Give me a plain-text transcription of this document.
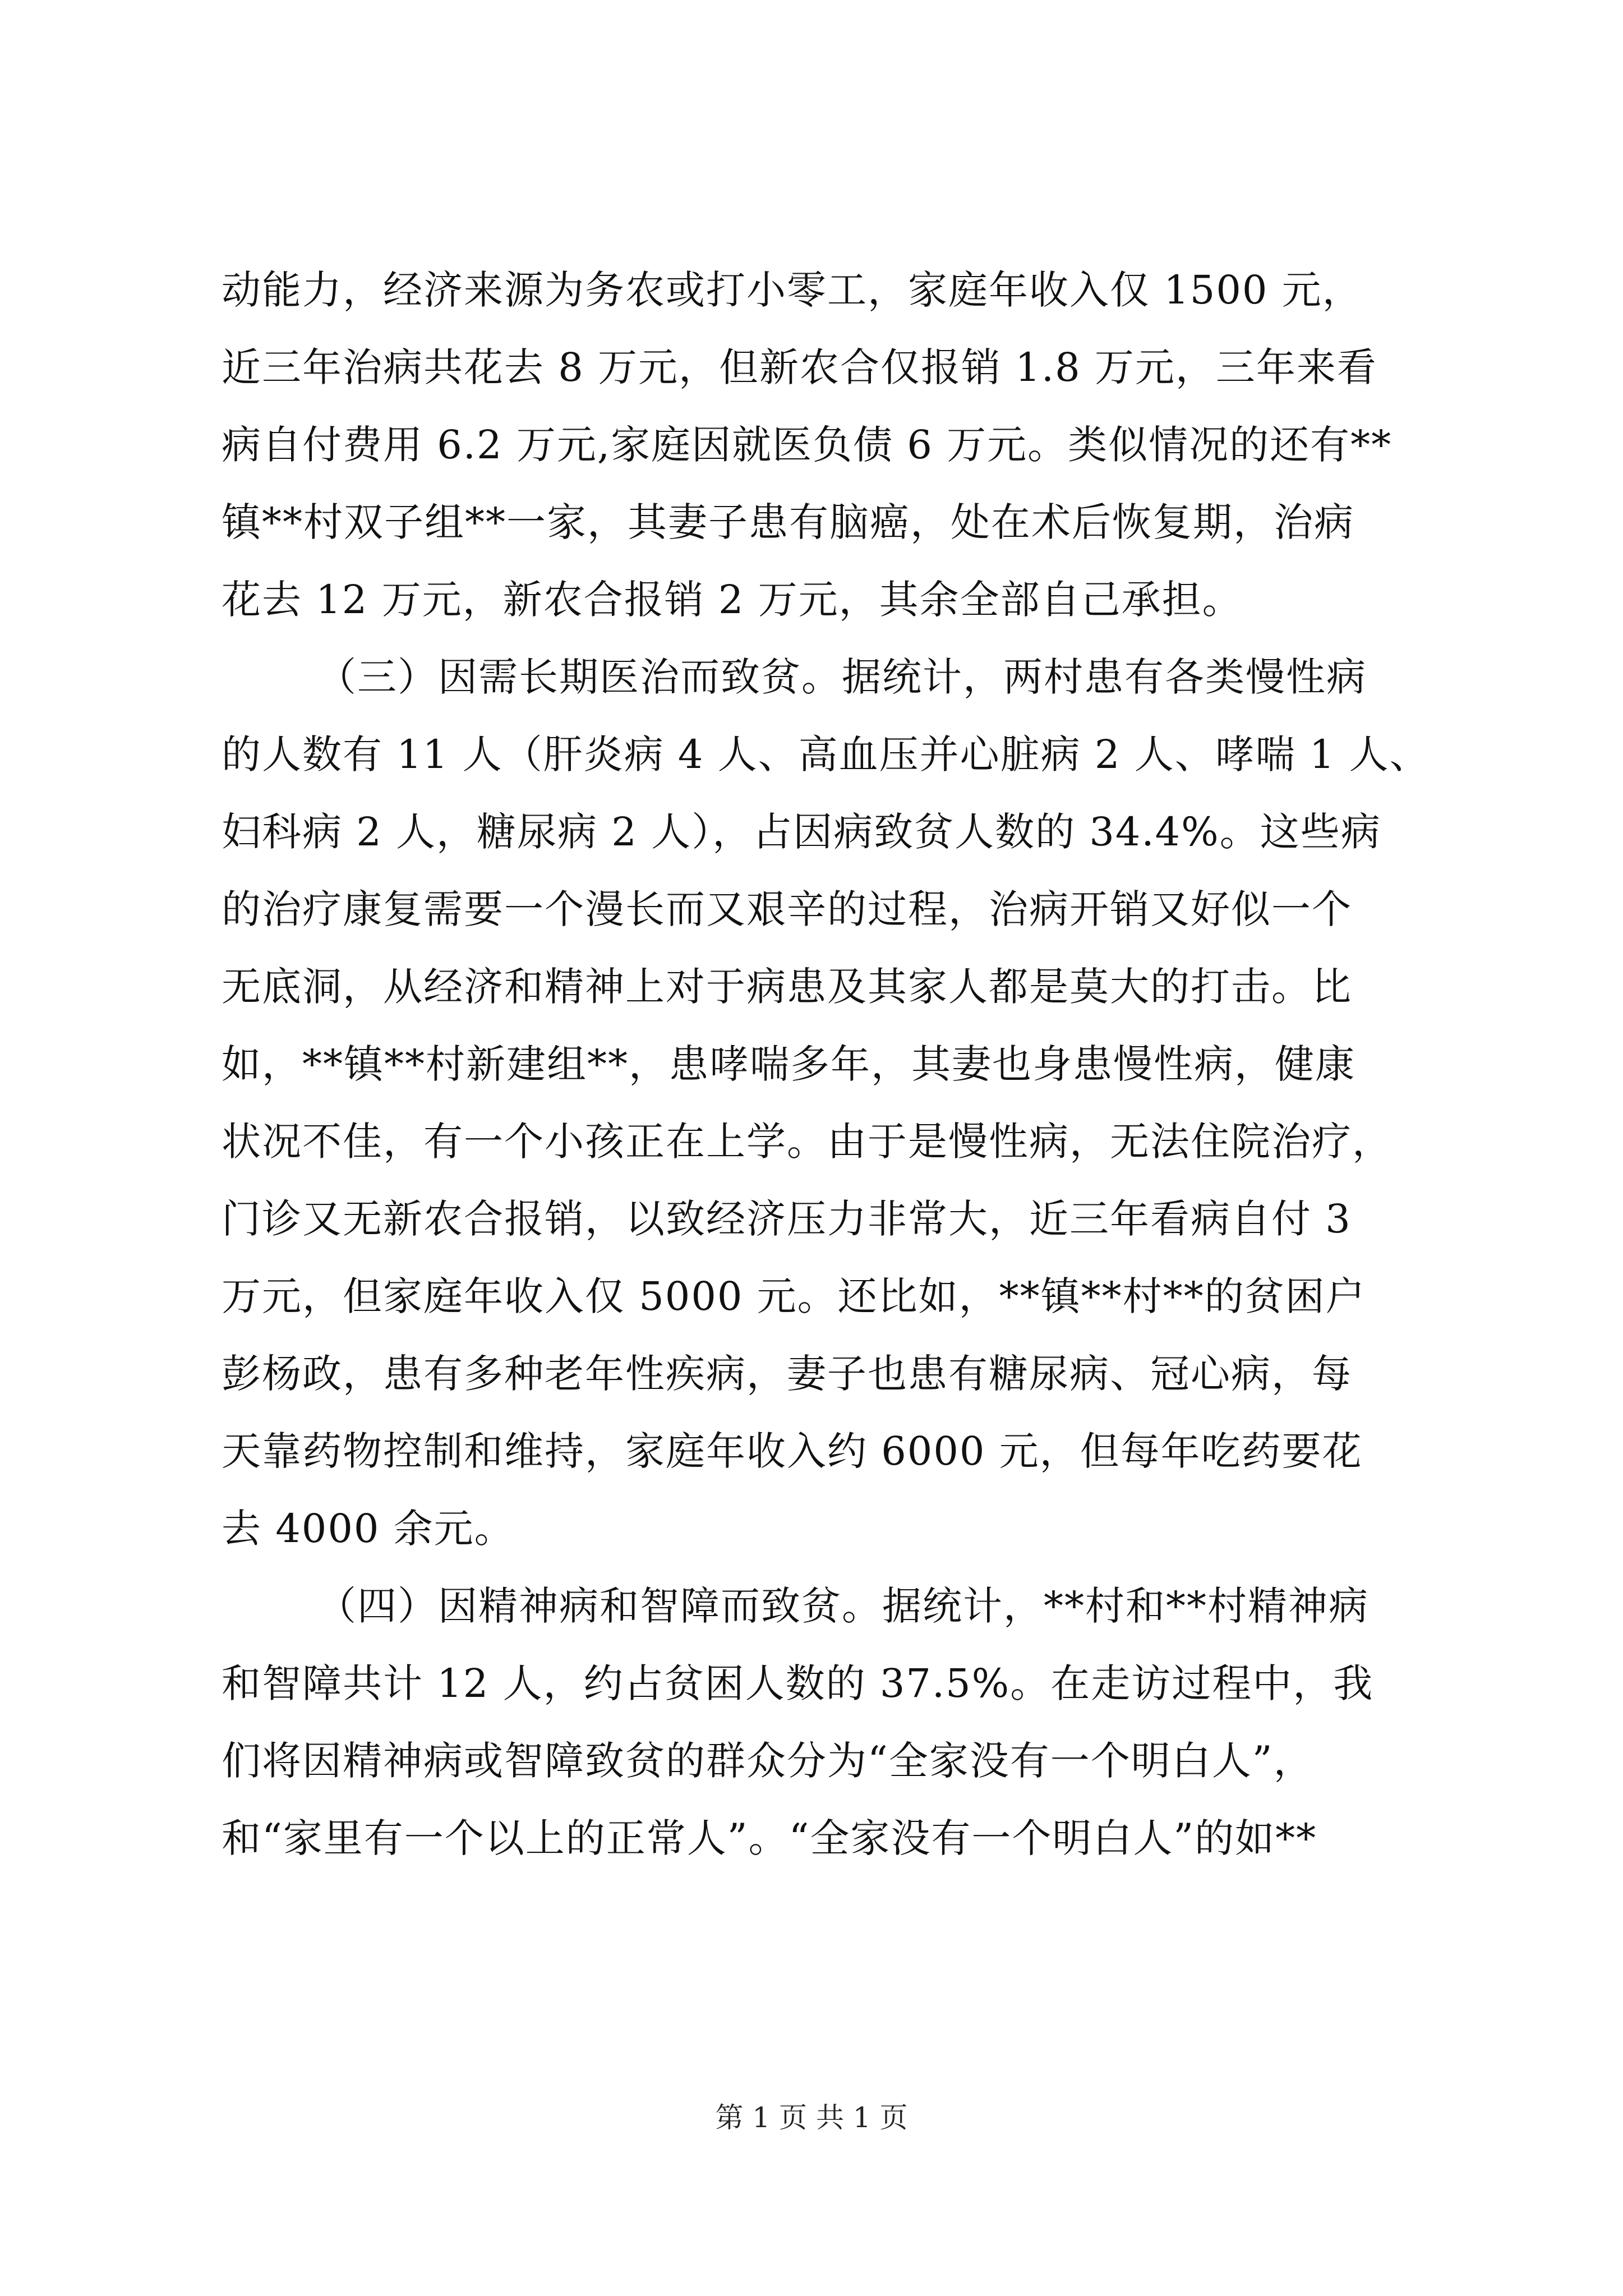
动能力，经济来源为务农或打小零工，家庭年收入仅 1500 元，
近三年治病共花去 8 万元，但新农合仅报销 1.8 万元，三年来看
病自付费用 6.2 万元,家庭因就医负债 6 万元。类似情况的还有**
镇**村双子组**一家，其妻子患有脑癌，处在术后恢复期，治病
花去 12 万元，新农合报销 2 万元，其余全部自己承担。
（三）因需长期医治而致贫。据统计，两村患有各类慢性病
的人数有 11 人（肝炎病 4 人、高血压并心脏病 2 人、哮喘 1 人、
妇科病 2 人，糖尿病 2 人），占因病致贫人数的 34.4%。这些病
的治疗康复需要一个漫长而又艰辛的过程，治病开销又好似一个
无底洞，从经济和精神上对于病患及其家人都是莫大的打击。比
如，**镇**村新建组**，患哮喘多年，其妻也身患慢性病，健康
状况不佳，有一个小孩正在上学。由于是慢性病，无法住院治疗，
门诊又无新农合报销，以致经济压力非常大，近三年看病自付 3
万元，但家庭年收入仅 5000 元。还比如，**镇**村**的贫困户
彭杨政，患有多种老年性疾病，妻子也患有糖尿病、冠心病，每
天靠药物控制和维持，家庭年收入约 6000 元，但每年吃药要花
去 4000 余元。
（四）因精神病和智障而致贫。据统计，**村和**村精神病
和智障共计 12 人，约占贫困人数的 37.5%。在走访过程中，我
们将因精神病或智障致贫的群众分为“全家没有一个明白人”，
和“家里有一个以上的正常人”。“全家没有一个明白人”的如**
第 1 页 共 1 页
